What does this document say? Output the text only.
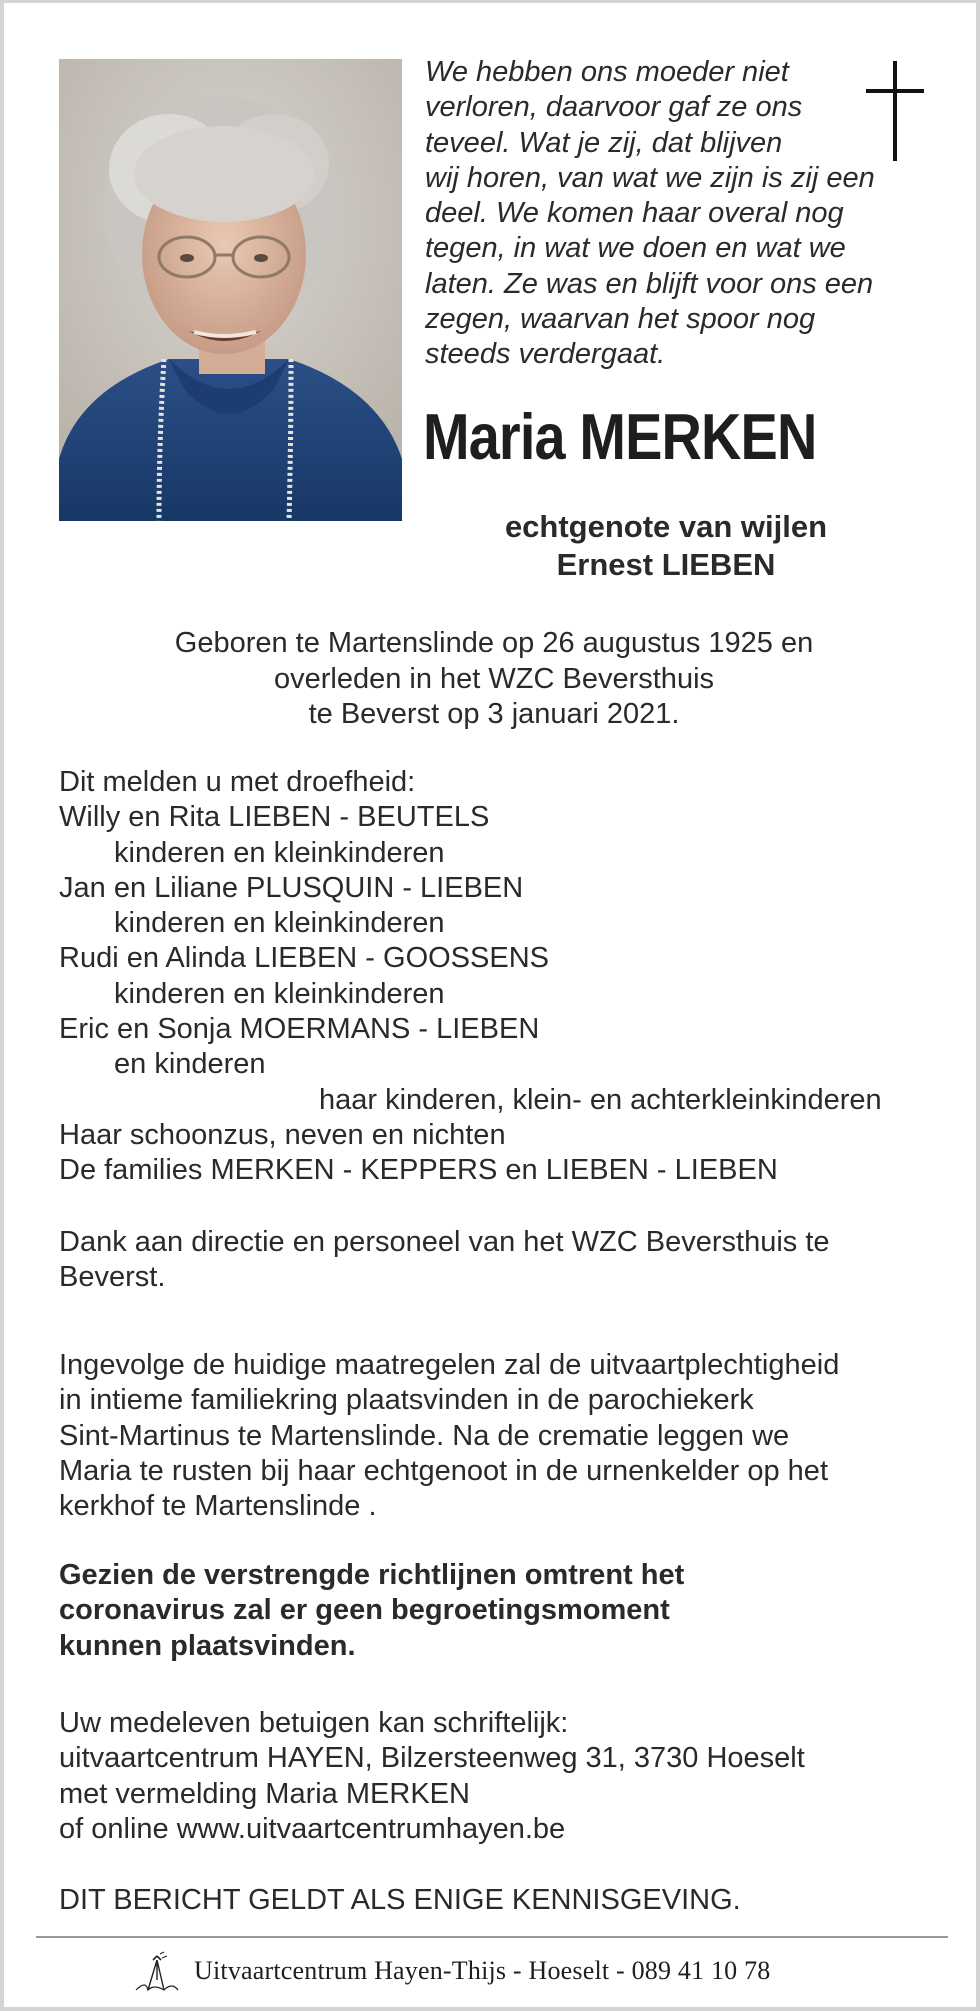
We hebben ons moeder niet
verloren, daarvoor gaf ze ons
teveel. Wat je zij, dat blijven
wij horen, van wat we zijn is zij een
deel. We komen haar overal nog
tegen, in wat we doen en wat we
laten. Ze was en blijft voor ons een
zegen, waarvan het spoor nog
steeds verdergaat.
Maria MERKEN
echtgenote van wijlen
Ernest LIEBEN
Geboren te Martenslinde op 26 augustus 1925 en
overleden in het WZC Beversthuis
te Beverst op 3 januari 2021.
Dit melden u met droefheid:
Willy en Rita LIEBEN - BEUTELS
kinderen en kleinkinderen
Jan en Liliane PLUSQUIN - LIEBEN
kinderen en kleinkinderen
Rudi en Alinda LIEBEN - GOOSSENS
kinderen en kleinkinderen
Eric en Sonja MOERMANS - LIEBEN
en kinderen
haar kinderen, klein- en achterkleinkinderen
Haar schoonzus, neven en nichten
De families MERKEN - KEPPERS en LIEBEN - LIEBEN
Dank aan directie en personeel van het WZC Beversthuis te
Beverst.
Ingevolge de huidige maatregelen zal de uitvaartplechtigheid
in intieme familiekring plaatsvinden in de parochiekerk
Sint-Martinus te Martenslinde. Na de crematie leggen we
Maria te rusten bij haar echtgenoot in de urnenkelder op het
kerkhof te Martenslinde .
Gezien de verstrengde richtlijnen omtrent het
coronavirus zal er geen begroetingsmoment
kunnen plaatsvinden.
Uw medeleven betuigen kan schriftelijk:
uitvaartcentrum HAYEN, Bilzersteenweg 31, 3730 Hoeselt
met vermelding Maria MERKEN
of online www.uitvaartcentrumhayen.be
DIT BERICHT GELDT ALS ENIGE KENNISGEVING.
Uitvaartcentrum Hayen-Thijs - Hoeselt - 089 41 10 78
